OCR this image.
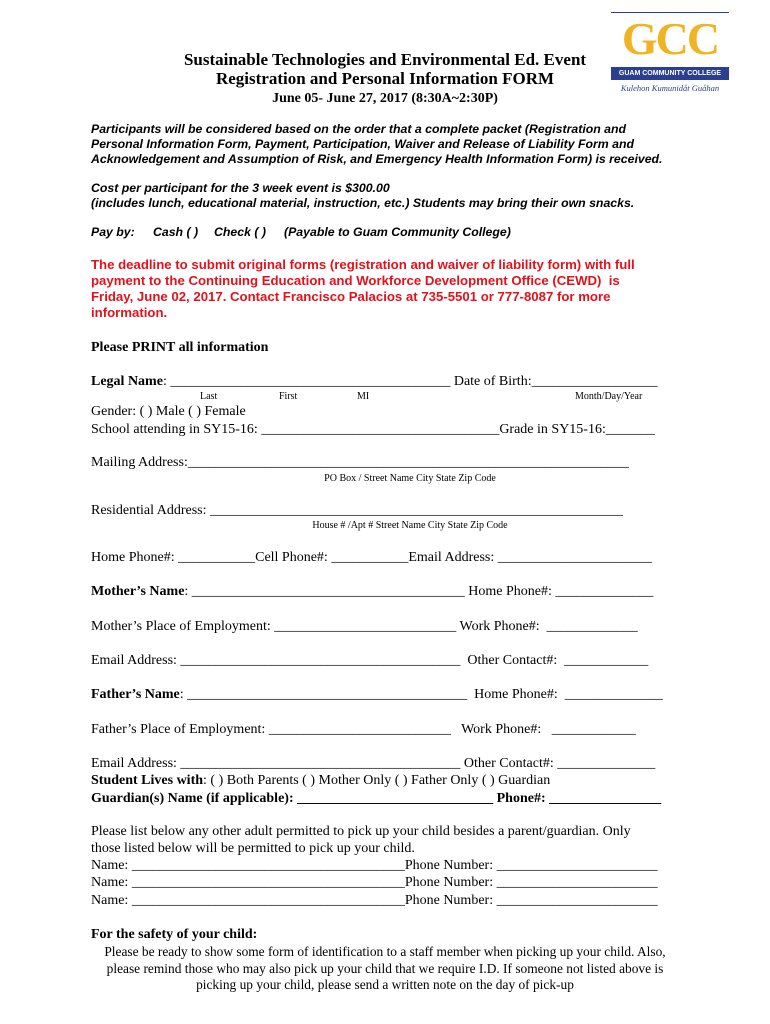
GCC
GUAM COMMUNITY COLLEGE
Kulehon Kumunidåt Guåhan
Sustainable Technologies and Environmental Ed. Event
Registration and Personal Information FORM
June 05- June 27, 2017 (8:30A~2:30P)
Participants will be considered based on the order that a complete packet (Registration and
Personal Information Form, Payment, Participation, Waiver and Release of Liability Form and
Acknowledgement and Assumption of Risk, and Emergency Health Information Form) is received.
Cost per participant for the 3 week event is $300.00
(includes lunch, educational material, instruction, etc.) Students may bring their own snacks.
Pay by: Cash ( ) Check ( ) (Payable to Guam Community College)
The deadline to submit original forms (registration and waiver of liability form) with full
payment to the Continuing Education and Workforce Development Office (CEWD)  is
Friday, June 02, 2017. Contact Francisco Palacios at 735-5501 or 777-8087 for more
information.
Please PRINT all information
Legal Name: ________________________________________ Date of Birth:__________________
Last	First	MI	Month/Day/Year
Gender: ( ) Male ( ) Female
School attending in SY15-16: __________________________________Grade in SY15-16:_______
Mailing Address:_______________________________________________________________
PO Box / Street Name City State Zip Code
Residential Address: ___________________________________________________________
House # /Apt # Street Name City State Zip Code
Home Phone#: ___________Cell Phone#: ___________Email Address: ______________________
Mother’s Name: _______________________________________ Home Phone#: ______________
Mother’s Place of Employment: __________________________ Work Phone#:  _____________
Email Address: ________________________________________  Other Contact#:  ____________
Father’s Name: ________________________________________  Home Phone#:  ______________
Father’s Place of Employment: __________________________   Work Phone#:   ____________
Email Address: ________________________________________ Other Contact#: ______________
Student Lives with: ( ) Both Parents ( ) Mother Only ( ) Father Only ( ) Guardian
Guardian(s) Name (if applicable): ____________________________ Phone#: ________________
Please list below any other adult permitted to pick up your child besides a parent/guardian. Only
those listed below will be permitted to pick up your child.
Name: _______________________________________Phone Number: _______________________
Name: _______________________________________Phone Number: _______________________
Name: _______________________________________Phone Number: _______________________
For the safety of your child:
Please be ready to show some form of identification to a staff member when picking up your child. Also,
please remind those who may also pick up your child that we require I.D. If someone not listed above is
picking up your child, please send a written note on the day of pick-up
